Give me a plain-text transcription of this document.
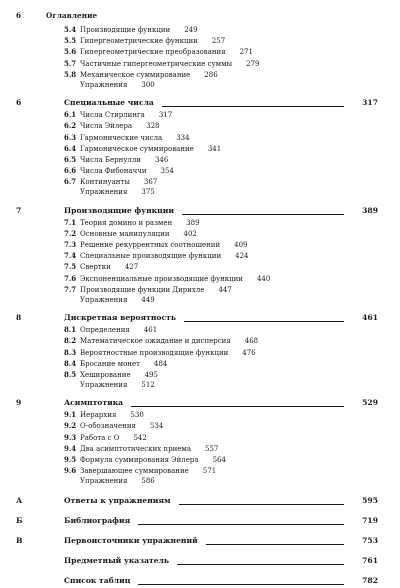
6	Оглавление
5.4 Производящие функции 249
5.5 Гипергеометрические функции 257
5.6 Гипергеометрические преобразования 271
5.7 Частичные гипергеометрические суммы 279
5.8 Механическое суммирование 286
Упражнения 300
6	Специальные числа	317
6.1 Числа Стирлинга 317
6.2 Числа Эйлера 328
6.3 Гармонические числа 334
6.4 Гармоническое суммирование 341
6.5 Числа Бернулли 346
6.6 Числа Фибоначчи 354
6.7 Континуанты 367
Упражнения 375
7	Производящие функции	389
7.1 Теория домино и размен 389
7.2 Основные манипуляции 402
7.3 Решение рекуррентных соотношений 409
7.4 Специальные производящие функции 424
7.5 Свертки 427
7.6 Экспоненциальные производящие функции 440
7.7 Производящие функции Дирихле 447
Упражнения 449
8	Дискретная вероятность	461
8.1 Определения 461
8.2 Математическое ожидание и дисперсия 468
8.3 Вероятностные производящие функции 476
8.4 Бросание монет 484
8.5 Хеширование 495
Упражнения 512
9	Асимптотика	529
9.1 Иерархия 530
9.2 О-обозначения 534
9.3 Работа с О 542
9.4 Два асимптотических приема 557
9.5 Формула суммирования Эйлера 564
9.6 Завершающее суммирование 571
Упражнения 586
А	Ответы к упражнениям	595
Б	Библиография	719
В	Первоисточники упражнений	753
Предметный указатель	761
Список таблиц	782
